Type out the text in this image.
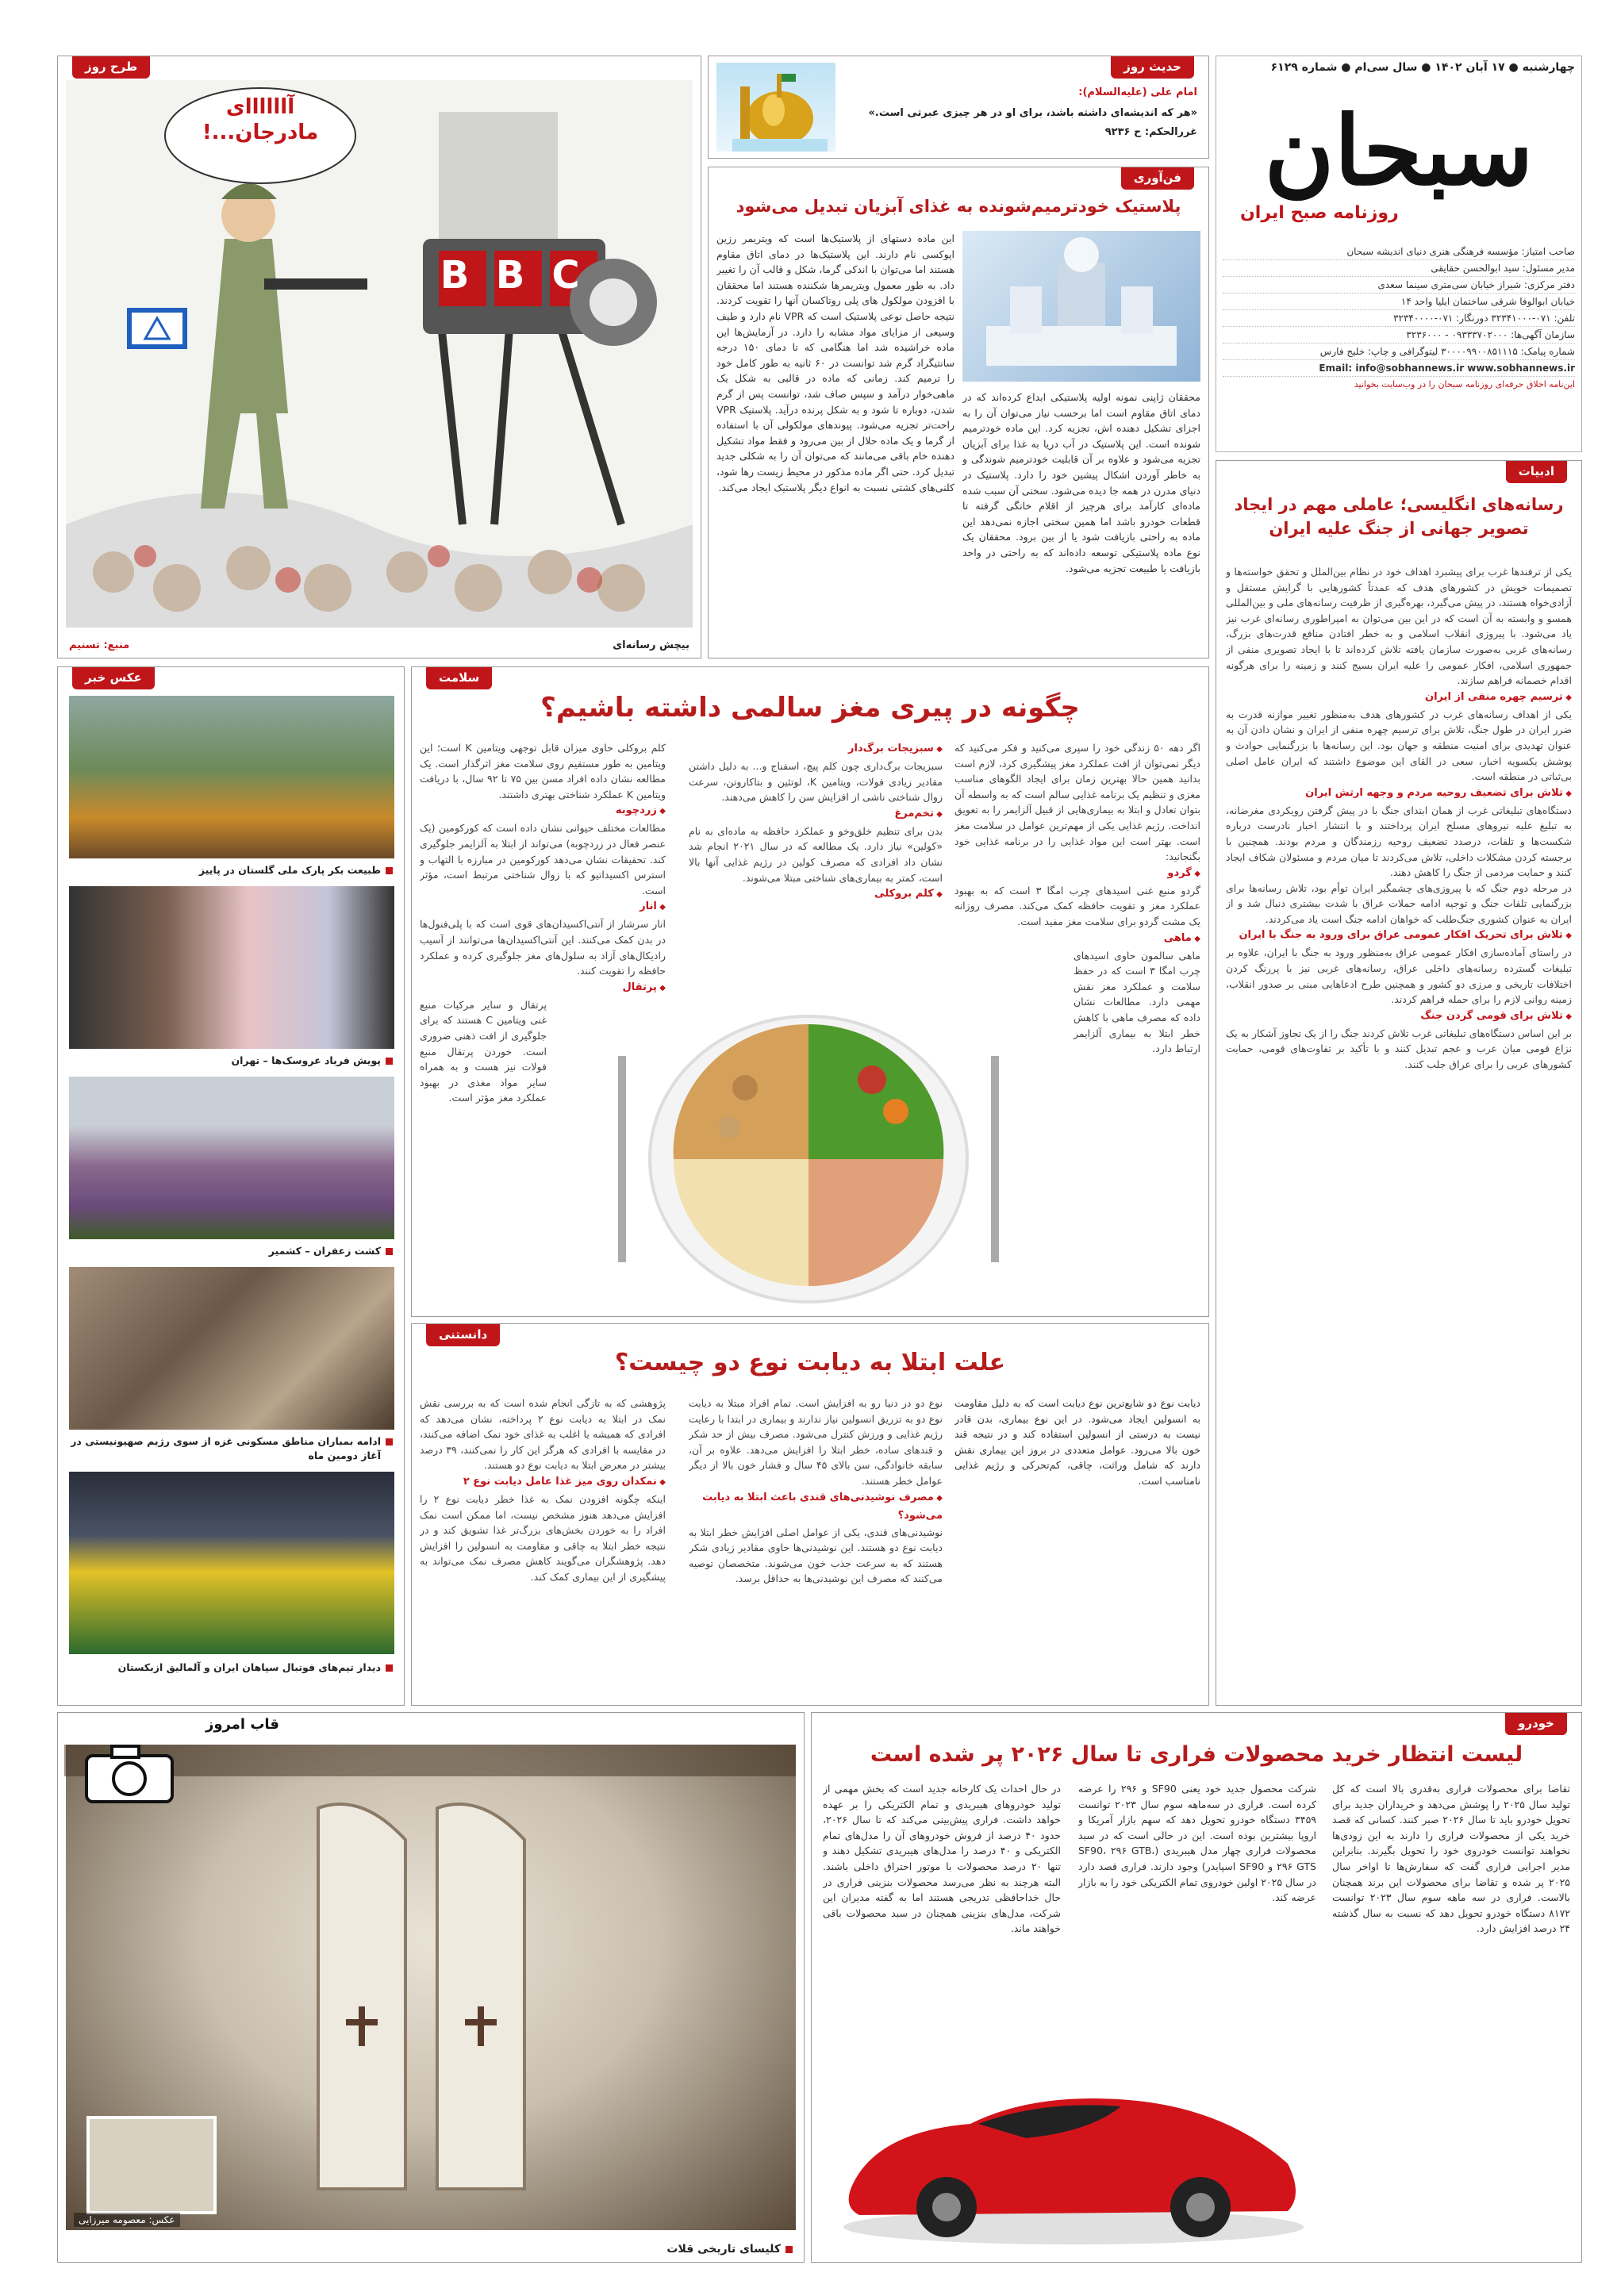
چهارشنبه ● ۱۷ آبان ۱۴۰۲ ● سال سی‌ام ● شماره ۶۱۲۹
سبحان
روزنامه صبح ایران
صاحب امتیاز: مؤسسه فرهنگی هنری دنیای اندیشه سبحان
مدیر مسئول: سید ابوالحسن حقایقی
دفتر مرکزی: شیراز خیابان سی‌متری سینما سعدی
خیابان ابوالوفا شرقی ساختمان ایلیا واحد ۱۴
تلفن: ۰۷۱-۳۲۳۴۱۰۰۰ دورنگار: ۰۷۱-۳۲۳۴۰۰۰۰
سازمان آگهی‌ها: ۰۹۳۳۳۷۰۲۰۰۰ - ۳۲۳۶۰۰۰
شماره پیامک: ۳۰۰۰۰۹۹۰۰۸۵۱۱۱۵ لیتوگرافی و چاپ: خلیج فارس
Email: info@sobhannews.ir www.sobhannews.ir
این‌نامه اخلاق حرفه‌ای روزنامه سبحان را در وب‌سایت بخوانید
حدیث روز
امام علی (علیه‌السلام):
«هر که اندیشه‌ای داشته باشد، برای او در هر چیزی عبرتی است.»
غررالحکم: ح ۹۲۳۶
طرح روز
آاااااای مادرجان...!
B B C
بیچش رسانه‌ای
منبع: تسنیم
فن‌آوری
پلاستیک خودترمیم‌شونده به غذای آبزیان تبدیل می‌شود
محققان ژاپنی نمونه اولیه پلاستیکی ابداع کرده‌اند که در دمای اتاق مقاوم است اما برحسب نیاز می‌توان آن را به اجزای تشکیل دهنده اش، تجزیه کرد. این ماده خودترمیم شونده است. این پلاستیک در آب دریا به غذا برای آبزیان تجزیه می‌شود و علاوه بر آن قابلیت خودترمیم شوندگی و به خاطر آوردن اشکال پیشین خود را دارد. پلاستیک در دنیای مدرن در همه جا دیده می‌شود. سختی آن سبب شده ماده‌ای کارآمد برای هرچیز از اقلام خانگی گرفته تا قطعات خودرو باشد اما همین سختی اجازه نمی‌دهد این ماده به راحتی بازیافت شود یا از بین برود. محققان یک نوع ماده پلاستیکی توسعه داده‌اند که به راحتی در واحد بازیافت یا طبیعت تجزیه می‌شود.
این ماده دستهای از پلاستیک‌ها است که ویتریمر رزین اپوکسی نام دارند. این پلاستیک‌ها در دمای اتاق مقاوم هستند اما می‌توان با اندکی گرما، شکل و قالب آن را تغییر داد. به طور معمول ویتریمرها شکننده هستند اما محققان با افزودن مولکول های پلی روتاکسان آنها را تقویت کردند. نتیجه حاصل نوعی پلاستیک است که VPR نام دارد و طیف وسیعی از مزایای مواد مشابه را دارد. در آزمایش‌ها این ماده خراشیده شد اما هنگامی که تا دمای ۱۵۰ درجه سانتیگراد گرم شد توانست در ۶۰ ثانیه به طور کامل خود را ترمیم کند. زمانی که ماده در قالبی به شکل یک ماهی‌خوار درآمد و سپس صاف شد، توانست پس از گرم شدن، دوباره تا شود و به شکل پرنده درآید. پلاستیک VPR راحت‌تر تجزیه می‌شود. پیوندهای مولکولی آن با استفاده از گرما و یک ماده حلال از بین می‌رود و فقط مواد تشکیل دهنده خام باقی می‌مانند که می‌توان آن را به شکلی جدید تبدیل کرد. حتی اگر ماده مذکور در محیط زیست رها شود، کلنی‌های کشتی نسبت به انواع دیگر پلاستیک ایجاد می‌کند.
ادبیات
رسانه‌های انگلیسی؛ عاملی مهم در ایجاد تصویر جهانی از جنگ علیه ایران
یکی از ترفندها غرب برای پیشبرد اهداف خود در نظام بین‌الملل و تحقق خواسته‌ها و تصمیمات خویش در کشورهای هدف که عمدتاً کشورهایی با گرایش مستقل و آزادی‌خواه هستند، در پیش می‌گیرد، بهره‌گیری از ظرفیت رسانه‌های ملی و بین‌المللی همسو و وابسته به آن است که در این بین می‌توان به امپراطوری رسانه‌ای غرب نیز یاد می‌شود. با پیروزی انقلاب اسلامی و به خطر افتادن منافع قدرت‌های بزرگ، رسانه‌های غربی به‌صورت سازمان یافته تلاش کرده‌اند تا با ایجاد تصویری منفی از جمهوری اسلامی، افکار عمومی را علیه ایران بسیج کنند و زمینه را برای هرگونه اقدام خصمانه فراهم سازند.
◆ ترسیم چهره منفی از ایران
یکی از اهداف رسانه‌های غرب در کشورهای هدف به‌منظور تغییر موازنه قدرت به ضرر ایران در طول جنگ، تلاش برای ترسیم چهره منفی از ایران و نشان دادن آن به عنوان تهدیدی برای امنیت منطقه و جهان بود. این رسانه‌ها با بزرگنمایی حوادث و پوشش یکسویه اخبار، سعی در القای این موضوع داشتند که ایران عامل اصلی بی‌ثباتی در منطقه است.
◆ تلاش برای تضعیف روحیه مردم و وجهه ارتش ایران
دستگاه‌های تبلیغاتی غرب از همان ابتدای جنگ با در پیش گرفتن رویکردی مغرضانه، به تبلیغ علیه نیروهای مسلح ایران پرداختند و با انتشار اخبار نادرست درباره شکست‌ها و تلفات، درصدد تضعیف روحیه رزمندگان و مردم بودند. همچنین با برجسته کردن مشکلات داخلی، تلاش می‌کردند تا میان مردم و مسئولان شکاف ایجاد کنند و حمایت مردمی از جنگ را کاهش دهند.
در مرحله دوم جنگ که با پیروزی‌های چشمگیر ایران توأم بود، تلاش رسانه‌ها برای بزرگنمایی تلفات جنگ و توجیه ادامه حملات عراق با شدت بیشتری دنبال شد و از ایران به عنوان کشوری جنگ‌طلب که خواهان ادامه جنگ است یاد می‌کردند.
◆ تلاش برای تحریک افکار عمومی عراق برای ورود به جنگ با ایران
در راستای آماده‌سازی افکار عمومی عراق به‌منظور ورود به جنگ با ایران، علاوه بر تبلیغات گسترده رسانه‌های داخلی عراق، رسانه‌های غربی نیز با پررنگ کردن اختلافات تاریخی و مرزی دو کشور و همچنین طرح ادعاهایی مبنی بر صدور انقلاب، زمینه روانی لازم را برای حمله فراهم کردند.
◆ تلاش برای قومی گردن جنگ
بر این اساس دستگاه‌های تبلیغاتی غرب تلاش کردند جنگ را از یک تجاوز آشکار به یک نزاع قومی میان عرب و عجم تبدیل کنند و با تأکید بر تفاوت‌های قومی، حمایت کشورهای عربی را برای عراق جلب کنند.
عکس خبر
طبیعت بکر پارک ملی گلستان در پاییز
پویش فرياد عروسک‌ها – تهران
کشت زعفران – کشمیر
ادامه بمباران مناطق مسکونی غزه از سوی رژیم صهیونیستی در آغاز دومین ماه
دیدار تیم‌های فوتبال سپاهان ایران و آلمالیق ازبکستان
سلامت
چگونه در پیری مغز سالمی داشته باشیم؟
اگر دهه ۵۰ زندگی خود را سپری می‌کنید و فکر می‌کنید که دیگر نمی‌توان از افت عملکرد مغز پیشگیری کرد، لازم است بدانید همین حالا بهترین زمان برای ایجاد الگوهای مناسب مغزی و تنظیم یک برنامه غذایی سالم است که به واسطه آن بتوان تعادل و ابتلا به بیماری‌هایی از قبیل آلزایمر را به تعویق انداخت. رژیم غذایی یکی از مهم‌ترین عوامل در سلامت مغز است. بهتر است این مواد غذایی را در برنامه غذایی خود بگنجانید:
◆ گردو
گردو منبع غنی اسیدهای چرب امگا ۳ است که به بهبود عملکرد مغز و تقویت حافظه کمک می‌کند. مصرف روزانه یک مشت گردو برای سلامت مغز مفید است.
◆ ماهی
ماهی سالمون حاوی اسیدهای چرب امگا ۳ است که در حفظ سلامت و عملکرد مغز نقش مهمی دارد. مطالعات نشان داده که مصرف ماهی با کاهش خطر ابتلا به بیماری آلزایمر ارتباط دارد.
◆ سبزیجات برگ‌دار
سبزیجات برگ‌داری چون کلم پیچ، اسفناج و... به دلیل داشتن مقادیر زیادی فولات، ویتامین K، لوتئین و بتاکاروتن، سرعت زوال شناختی ناشی از افزایش سن را کاهش می‌دهند.
◆ تخم‌مرغ
بدن برای تنظیم خلق‌وخو و عملکرد حافظه به ماده‌ای به نام «کولین» نیاز دارد. یک مطالعه که در سال ۲۰۲۱ انجام شد نشان داد افرادی که مصرف کولین در رژیم غذایی آنها بالا است، کمتر به بیماری‌های شناختی مبتلا می‌شوند.
◆ کلم بروکلی
کلم بروکلی حاوی میزان قابل توجهی ویتامین K است؛ این ویتامین به طور مستقیم روی سلامت مغز اثرگذار است. یک مطالعه نشان داده افراد مسن بین ۷۵ تا ۹۲ سال، با دریافت ویتامین K عملکرد شناختی بهتری داشتند.
◆ زردچوبه
مطالعات مختلف حیوانی نشان داده است که کورکومین (یک عنصر فعال در زردچوبه) می‌تواند از ابتلا به آلزایمر جلوگیری کند. تحقیقات نشان می‌دهد کورکومین در مبارزه با التهاب و استرس اکسیداتیو که با زوال شناختی مرتبط است، مؤثر است.
◆ انار
انار سرشار از آنتی‌اکسیدان‌های قوی است که با پلی‌فنول‌ها در بدن کمک می‌کنند. این آنتی‌اکسیدان‌ها می‌توانند از آسیب رادیکال‌های آزاد به سلول‌های مغز جلوگیری کرده و عملکرد حافظه را تقویت کنند.
◆ پرتقال
پرتقال و سایر مرکبات منبع غنی ویتامین C هستند که برای جلوگیری از افت ذهنی ضروری است. خوردن پرتقال منبع فولات نیز هست و به همراه سایر مواد مغذی در بهبود عملکرد مغز مؤثر است.
دانستنی
علت ابتلا به دیابت نوع دو چیست؟
دیابت نوع دو شایع‌ترین نوع دیابت است که به دلیل مقاومت به انسولین ایجاد می‌شود. در این نوع بیماری، بدن قادر نیست به درستی از انسولین استفاده کند و در نتیجه قند خون بالا می‌رود. عوامل متعددی در بروز این بیماری نقش دارند که شامل وراثت، چاقی، کم‌تحرکی و رژیم غذایی نامناسب است.
نوع دو در دنیا رو به افزایش است. تمام افراد مبتلا به دیابت نوع دو به تزریق انسولین نیاز ندارند و بیماری در ابتدا با رعایت رژیم غذایی و ورزش کنترل می‌شود. مصرف بیش از حد شکر و قندهای ساده، خطر ابتلا را افزایش می‌دهد. علاوه بر آن، سابقه خانوادگی، سن بالای ۴۵ سال و فشار خون بالا از دیگر عوامل خطر هستند.
◆ مصرف نوشیدنی‌های قندی باعث ابتلا به دیابت می‌شود؟
نوشیدنی‌های قندی، یکی از عوامل اصلی افزایش خطر ابتلا به دیابت نوع دو هستند. این نوشیدنی‌ها حاوی مقادیر زیادی شکر هستند که به سرعت جذب خون می‌شوند. متخصصان توصیه می‌کنند که مصرف این نوشیدنی‌ها به حداقل برسد.
پژوهشی که به تازگی انجام شده است که به بررسی نقش نمک در ابتلا به دیابت نوع ۲ پرداخته، نشان می‌دهد که افرادی که همیشه یا اغلب به غذای خود نمک اضافه می‌کنند، در مقایسه با افرادی که هرگز این کار را نمی‌کنند، ۳۹ درصد بیشتر در معرض ابتلا به دیابت نوع دو هستند.
◆ نمکدان روی میز غذا عامل دیابت نوع ۲
اینکه چگونه افزودن نمک به غذا خطر دیابت نوع ۲ را افزایش می‌دهد هنوز مشخص نیست، اما ممکن است نمک افراد را به خوردن بخش‌های بزرگ‌تر غذا تشویق کند و در نتیجه خطر ابتلا به چاقی و مقاومت به انسولین را افزایش دهد. پژوهشگران می‌گویند کاهش مصرف نمک می‌تواند به پیشگیری از این بیماری کمک کند.
خودرو
لیست انتظار خرید محصولات فراری تا سال ۲۰۲۶ پر شده است
تقاضا برای محصولات فراری به‌قدری بالا است که کل تولید سال ۲۰۲۵ را پوشش می‌دهد و خریداران جدید برای تحویل خودرو باید تا سال ۲۰۲۶ صبر کنند. کسانی که قصد خرید یکی از محصولات فراری را دارند به این زودی‌ها نخواهند توانست خودروی خود را تحویل بگیرند. بنابراین مدیر اجرایی فراری گفت که سفارش‌ها تا اواخر سال ۲۰۲۵ پر شده و تقاضا برای محصولات این برند همچنان بالاست. فراری در سه ماهه سوم سال ۲۰۲۳ توانست ۸۱۷۲ دستگاه خودرو تحویل دهد که نسبت به سال گذشته ۲۴ درصد افزایش دارد.
شرکت محصول جدید خود یعنی SF90 و ۲۹۶ را عرضه کرده است. فراری در سه‌ماهه سوم سال ۲۰۲۳ توانست ۳۴۵۹ دستگاه خودرو تحویل دهد که سهم بازار آمریکا و اروپا بیشترین بوده است. این در حالی است که در سبد محصولات فراری چهار مدل هیبریدی (SF90، ۲۹۶ GTB، ۲۹۶ GTS و SF90 اسپایدر) وجود دارند. فراری قصد دارد در سال ۲۰۲۵ اولین خودروی تمام الکتریکی خود را به بازار عرضه کند.
در حال احداث یک کارخانه جدید است که بخش مهمی از تولید خودروهای هیبریدی و تمام الکتریکی را بر عهده خواهد داشت. فراری پیش‌بینی می‌کند که تا سال ۲۰۲۶، حدود ۴۰ درصد از فروش خودروهای آن را مدل‌های تمام الکتریکی و ۴۰ درصد را مدل‌های هیبریدی تشکیل دهند و تنها ۲۰ درصد محصولات با موتور احتراق داخلی باشند. البته هرچند به نظر می‌رسد محصولات بنزینی فراری در حال خداحافظی تدریجی هستند اما به گفته مدیران این شرکت، مدل‌های بنزینی همچنان در سبد محصولات باقی خواهند ماند.
قاب امروز
کلیسای تاریخی قلات
عکس: معصومه میرزایی
